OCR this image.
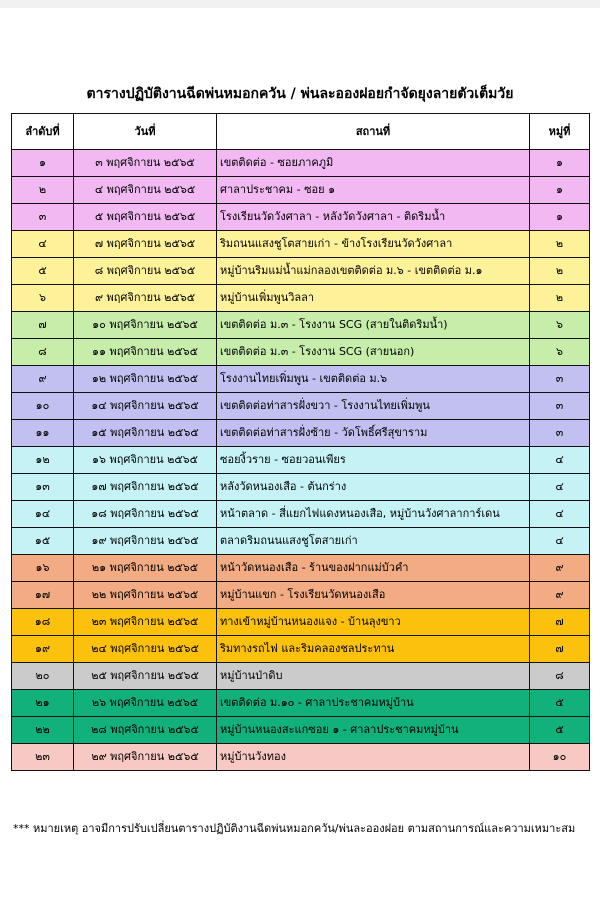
ตารางปฏิบัติงานฉีดพ่นหมอกควัน / พ่นละอองฝอยกำจัดยุงลายตัวเต็มวัย
ลำดับที่	วันที่	สถานที่	หมู่ที่
๑	๓ พฤศจิกายน ๒๕๖๕	เขตติดต่อ - ซอยภาคภูมิ	๑
๒	๔ พฤศจิกายน ๒๕๖๕	ศาลาประชาคม - ซอย ๑	๑
๓	๕ พฤศจิกายน ๒๕๖๕	โรงเรียนวัดวังศาลา - หลังวัดวังศาลา - ติดริมน้ำ	๑
๔	๗ พฤศจิกายน ๒๕๖๕	ริมถนนแสงชูโตสายเก่า - ข้างโรงเรียนวัดวังศาลา	๒
๕	๘ พฤศจิกายน ๒๕๖๕	หมู่บ้านริมแม่น้ำแม่กลองเขตติดต่อ ม.๖ - เขตติดต่อ ม.๑	๒
๖	๙ พฤศจิกายน ๒๕๖๕	หมู่บ้านเพิ่มพูนวิลลา	๒
๗	๑๐ พฤศจิกายน ๒๕๖๕	เขตติดต่อ ม.๓ - โรงงาน SCG (สายในติดริมน้ำ)	๖
๘	๑๑ พฤศจิกายน ๒๕๖๕	เขตติดต่อ ม.๓ - โรงงาน SCG (สายนอก)	๖
๙	๑๒ พฤศจิกายน ๒๕๖๕	โรงงานไทยเพิ่มพูน - เขตติดต่อ ม.๖	๓
๑๐	๑๔ พฤศจิกายน ๒๕๖๕	เขตติดต่อท่าสารฝั่งขวา - โรงงานไทยเพิ่มพูน	๓
๑๑	๑๕ พฤศจิกายน ๒๕๖๕	เขตติดต่อท่าสารฝั่งซ้าย - วัดโพธิ์ศรีสุขาราม	๓
๑๒	๑๖ พฤศจิกายน ๒๕๖๕	ซอยงิ้วราย - ซอยวอนเพียร	๔
๑๓	๑๗ พฤศจิกายน ๒๕๖๕	หลังวัดหนองเสือ - ต้นกร่าง	๔
๑๔	๑๘ พฤศจิกายน ๒๕๖๕	หน้าตลาด - สี่แยกไฟแดงหนองเสือ, หมู่บ้านวังศาลาการ์เดน	๔
๑๕	๑๙ พฤศจิกายน ๒๕๖๕	ตลาดริมถนนแสงชูโตสายเก่า	๔
๑๖	๒๑ พฤศจิกายน ๒๕๖๕	หน้าวัดหนองเสือ - ร้านของฝากแม่บัวคำ	๙
๑๗	๒๒ พฤศจิกายน ๒๕๖๕	หมู่บ้านแขก - โรงเรียนวัดหนองเสือ	๙
๑๘	๒๓ พฤศจิกายน ๒๕๖๕	ทางเข้าหมู่บ้านหนองแจง - บ้านลุงขาว	๗
๑๙	๒๔ พฤศจิกายน ๒๕๖๕	ริมทางรถไฟ และริมคลองชลประทาน	๗
๒๐	๒๕ พฤศจิกายน ๒๕๖๕	หมู่บ้านป่าดิบ	๘
๒๑	๒๖ พฤศจิกายน ๒๕๖๕	เขตติดต่อ ม.๑๐ - ศาลาประชาคมหมู่บ้าน	๕
๒๒	๒๘ พฤศจิกายน ๒๕๖๕	หมู่บ้านหนองสะแกซอย ๑ - ศาลาประชาคมหมู่บ้าน	๕
๒๓	๒๙ พฤศจิกายน ๒๕๖๕	หมู่บ้านวังทอง	๑๐
*** หมายเหตุ อาจมีการปรับเปลี่ยนตารางปฏิบัติงานฉีดพ่นหมอกควัน/พ่นละอองฝอย ตามสถานการณ์และความเหมาะสม
